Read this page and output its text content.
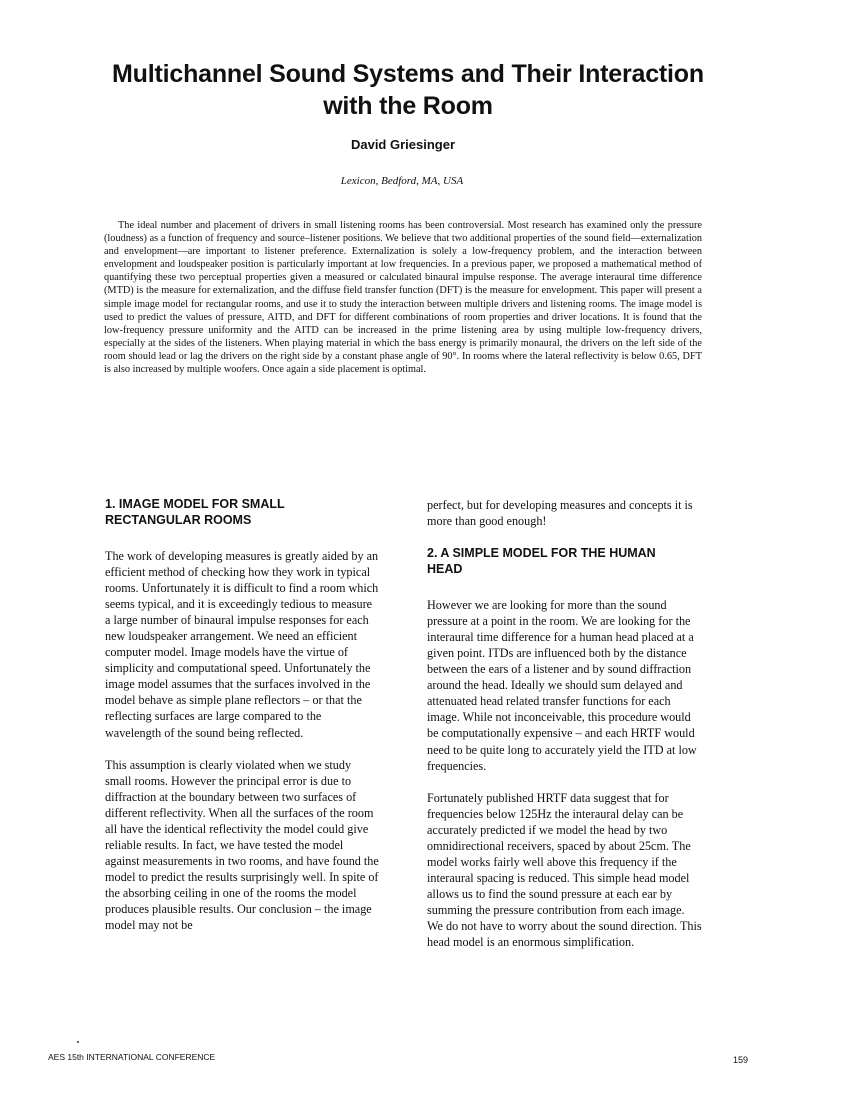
Multichannel Sound Systems and Their Interaction
with the Room
David Griesinger
Lexicon, Bedford, MA, USA

The ideal number and placement of drivers in small listening rooms has been controversial. Most research has examined only the pressure (loudness) as a function of frequency and source–listener positions. We believe that two additional properties of the sound field—externalization and envelopment—are important to listener preference. Externalization is solely a low-frequency problem, and the interaction between envelopment and loudspeaker position is particularly important at low frequencies. In a previous paper, we proposed a mathematical method of quantifying these two perceptual properties given a measured or calculated binaural impulse response. The average interaural time difference (MTD) is the measure for externalization, and the diffuse field transfer function (DFT) is the measure for envelopment. This paper will present a simple image model for rectangular rooms, and use it to study the interaction between multiple drivers and listening rooms. The image model is used to predict the values of pressure, AITD, and DFT for different combinations of room properties and driver locations. It is found that the low-frequency pressure uniformity and the AITD can be increased in the prime listening area by using multiple low-frequency drivers, especially at the sides of the listeners. When playing material in which the bass energy is primarily monaural, the drivers on the left side of the room should lead or lag the drivers on the right side by a constant phase angle of 90°. In rooms where the lateral reflectivity is below 0.65, DFT is also increased by multiple woofers. Once again a side placement is optimal.

1. IMAGE MODEL FOR SMALL
RECTANGULAR ROOMS

The work of developing measures is greatly aided by an efficient method of checking how they work in typical rooms. Unfortunately it is difficult to find a room which seems typical, and it is exceedingly tedious to measure a large number of binaural impulse responses for each new loudspeaker arrangement. We need an efficient computer model. Image models have the virtue of simplicity and computational speed. Unfortunately the image model assumes that the surfaces involved in the model behave as simple plane reflectors – or that the reflecting surfaces are large compared to the wavelength of the sound being reflected.

This assumption is clearly violated when we study small rooms. However the principal error is due to diffraction at the boundary between two surfaces of different reflectivity. When all the surfaces of the room all have the identical reflectivity the model could give reliable results. In fact, we have tested the model against measurements in two rooms, and have found the model to predict the results surprisingly well. In spite of the absorbing ceiling in one of the rooms the model produces plausible results. Our conclusion – the image model may not be

perfect, but for developing measures and concepts it is more than good enough!

2. A SIMPLE MODEL FOR THE HUMAN
HEAD

However we are looking for more than the sound pressure at a point in the room. We are looking for the interaural time difference for a human head placed at a given point. ITDs are influenced both by the distance between the ears of a listener and by sound diffraction around the head. Ideally we should sum delayed and attenuated head related transfer functions for each image. While not inconceivable, this procedure would be computationally expensive – and each HRTF would need to be quite long to accurately yield the ITD at low frequencies.

Fortunately published HRTF data suggest that for frequencies below 125Hz the interaural delay can be accurately predicted if we model the head by two omnidirectional receivers, spaced by about 25cm. The model works fairly well above this frequency if the interaural spacing is reduced. This simple head model allows us to find the sound pressure at each ear by summing the pressure contribution from each image. We do not have to worry about the sound direction. This head model is an enormous simplification.

AES 15th INTERNATIONAL CONFERENCE	159
